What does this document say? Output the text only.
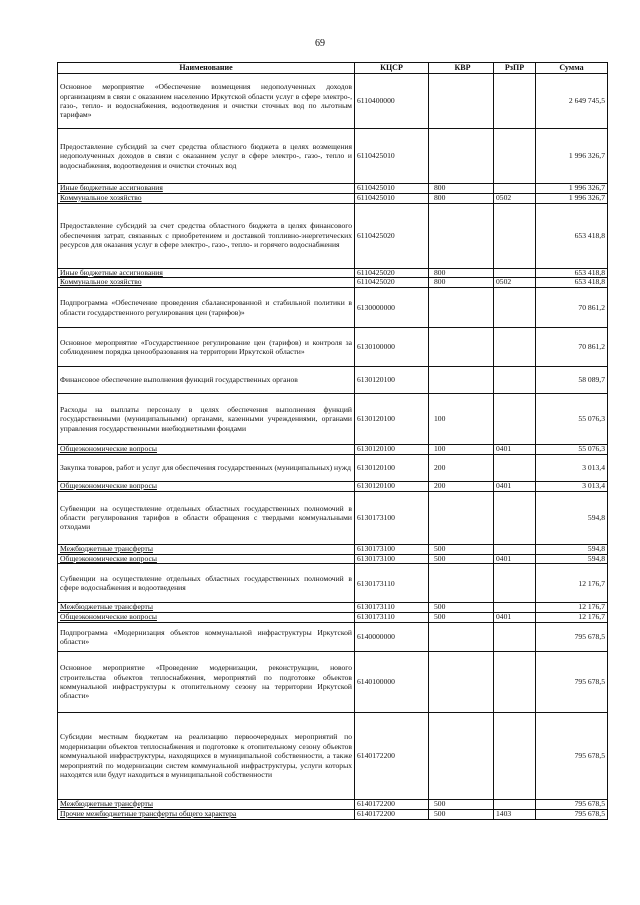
69
Наименование	КЦСР	КВР	РзПР	Сумма
Основное мероприятие «Обеспечение возмещения недополученных доходов организациям в связи с оказанием населению Иркутской области услуг в сфере электро-, газо-, тепло- и водоснабжения, водоотведения и очистки сточных вод по льготным тарифам»	6110400000			2 649 745,5
Предоставление субсидий за счет средства областного бюджета в целях возмещения недополученных доходов в связи с оказанием услуг в сфере электро-, газо-, тепло и водоснабжения, водоотведения и очистки сточных вод	6110425010			1 996 326,7
Иные бюджетные ассигнования	6110425010	800		1 996 326,7
Коммунальное хозяйство	6110425010	800	0502	1 996 326,7
Предоставление субсидий за счет средства областного бюджета в целях финансового обеспечения затрат, связанных с приобретением и доставкой топливно-энергетических ресурсов для оказания услуг в сфере электро-, газо-, тепло- и горячего водоснабжения	6110425020			653 418,8
Иные бюджетные ассигнования	6110425020	800		653 418,8
Коммунальное хозяйство	6110425020	800	0502	653 418,8
Подпрограмма «Обеспечение проведения сбалансированной и стабильной политики в области государственного регулирования цен (тарифов)»	6130000000			70 861,2
Основное мероприятие «Государственное регулирование цен (тарифов) и контроля за соблюдением порядка ценообразования на территории Иркутской области»	6130100000			70 861,2
Финансовое обеспечение выполнения функций государственных органов	6130120100			58 089,7
Расходы на выплаты персоналу в целях обеспечения выполнения функций государственными (муниципальными) органами, казенными учреждениями, органами управления государственными внебюджетными фондами	6130120100	100		55 076,3
Общеэкономические вопросы	6130120100	100	0401	55 076,3
Закупка товаров, работ и услуг для обеспечения государственных (муниципальных) нужд	6130120100	200		3 013,4
Общеэкономические вопросы	6130120100	200	0401	3 013,4
Субвенции на осуществление отдельных областных государственных полномочий в области регулирования тарифов в области обращения с твердыми коммунальными отходами	6130173100			594,8
Межбюджетные трансферты	6130173100	500		594,8
Общеэкономические вопросы	6130173100	500	0401	594,8
Субвенции на осуществление отдельных областных государственных полномочий в сфере водоснабжения и водоотведения	6130173110			12 176,7
Межбюджетные трансферты	6130173110	500		12 176,7
Общеэкономические вопросы	6130173110	500	0401	12 176,7
Подпрограмма «Модернизация объектов коммунальной инфраструктуры Иркутской области»	6140000000			795 678,5
Основное мероприятие «Проведение модернизации, реконструкции, нового строительства объектов теплоснабжения, мероприятий по подготовке объектов коммунальной инфраструктуры к отопительному сезону на территории Иркутской области»	6140100000			795 678,5
Субсидии местным бюджетам на реализацию первоочередных мероприятий по модернизации объектов теплоснабжения и подготовке к отопительному сезону объектов коммунальной инфраструктуры, находящихся в муниципальной собственности, а также мероприятий по модернизации систем коммунальной инфраструктуры, услуги которых находятся или будут находиться в муниципальной собственности	6140172200			795 678,5
Межбюджетные трансферты	6140172200	500		795 678,5
Прочие межбюджетные трансферты общего характера	6140172200	500	1403	795 678,5
